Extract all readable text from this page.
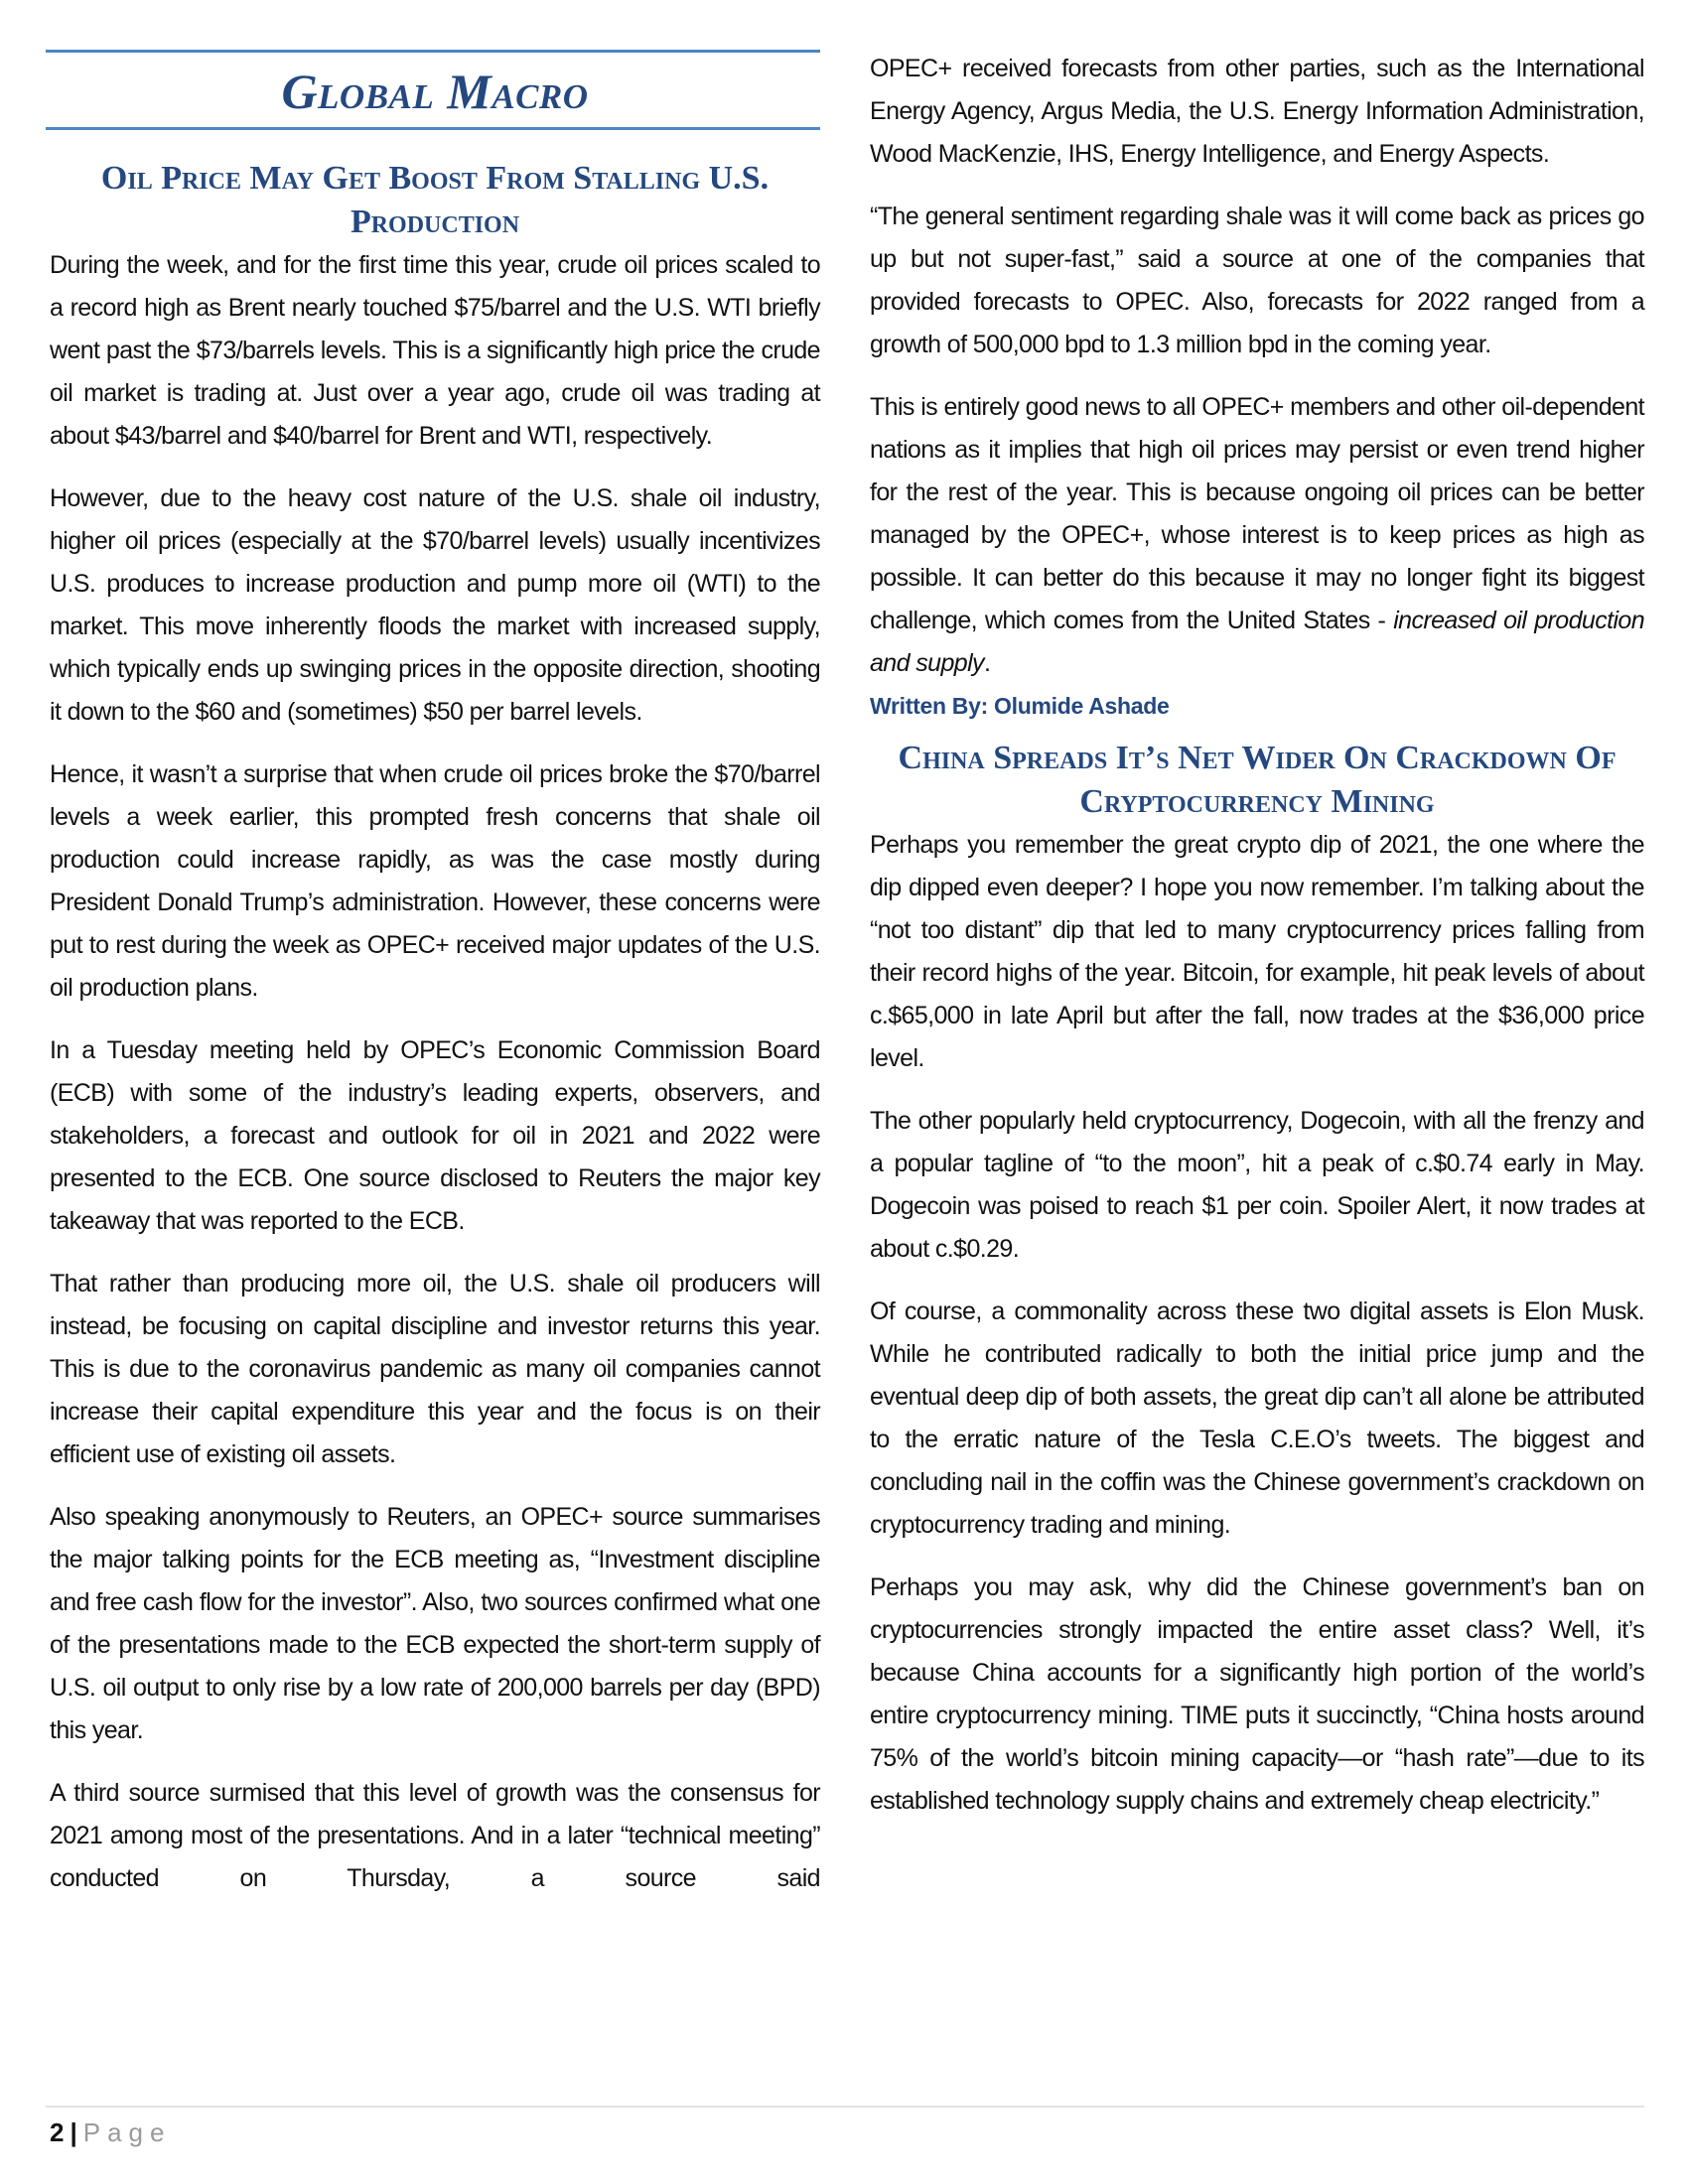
Global Macro
Oil Price May Get Boost From Stalling U.S.
Production

During the week, and for the first time this year, crude oil prices scaled to a record high as Brent nearly touched $75/barrel and the U.S. WTI briefly went past the $73/barrels levels. This is a significantly high price the crude oil market is trading at. Just over a year ago, crude oil was trading at about $43/barrel and $40/barrel for Brent and WTI, respectively.

However, due to the heavy cost nature of the U.S. shale oil industry, higher oil prices (especially at the $70/barrel levels) usually incentivizes U.S. produces to increase production and pump more oil (WTI) to the market. This move inherently floods the market with increased supply, which typically ends up swinging prices in the opposite direction, shooting it down to the $60 and (sometimes) $50 per barrel levels.

Hence, it wasn’t a surprise that when crude oil prices broke the $70/barrel levels a week earlier, this prompted fresh concerns that shale oil production could increase rapidly, as was the case mostly during President Donald Trump’s administration. However, these concerns were put to rest during the week as OPEC+ received major updates of the U.S. oil production plans.

In a Tuesday meeting held by OPEC’s Economic Commission Board (ECB) with some of the industry’s leading experts, observers, and stakeholders, a forecast and outlook for oil in 2021 and 2022 were presented to the ECB. One source disclosed to Reuters the major key takeaway that was reported to the ECB.

That rather than producing more oil, the U.S. shale oil producers will instead, be focusing on capital discipline and investor returns this year. This is due to the coronavirus pandemic as many oil companies cannot increase their capital expenditure this year and the focus is on their efficient use of existing oil assets.

Also speaking anonymously to Reuters, an OPEC+ source summarises the major talking points for the ECB meeting as, “Investment discipline and free cash flow for the investor”. Also, two sources confirmed what one of the presentations made to the ECB expected the short-term supply of U.S. oil output to only rise by a low rate of 200,000 barrels per day (BPD) this year.

A third source surmised that this level of growth was the consensus for 2021 among most of the presentations. And in a later “technical meeting” conducted on Thursday, a source said

OPEC+ received forecasts from other parties, such as the International Energy Agency, Argus Media, the U.S. Energy Information Administration, Wood MacKenzie, IHS, Energy Intelligence, and Energy Aspects.

“The general sentiment regarding shale was it will come back as prices go up but not super-fast,” said a source at one of the companies that provided forecasts to OPEC. Also, forecasts for 2022 ranged from a growth of 500,000 bpd to 1.3 million bpd in the coming year.

This is entirely good news to all OPEC+ members and other oil-dependent nations as it implies that high oil prices may persist or even trend higher for the rest of the year. This is because ongoing oil prices can be better managed by the OPEC+, whose interest is to keep prices as high as possible. It can better do this because it may no longer fight its biggest challenge, which comes from the United States - increased oil production and supply.

Written By: Olumide Ashade
China Spreads It’s Net Wider On Crackdown Of
Cryptocurrency Mining

Perhaps you remember the great crypto dip of 2021, the one where the dip dipped even deeper? I hope you now remember. I’m talking about the “not too distant” dip that led to many cryptocurrency prices falling from their record highs of the year. Bitcoin, for example, hit peak levels of about c.$65,000 in late April but after the fall, now trades at the $36,000 price level.

The other popularly held cryptocurrency, Dogecoin, with all the frenzy and a popular tagline of “to the moon”, hit a peak of c.$0.74 early in May. Dogecoin was poised to reach $1 per coin. Spoiler Alert, it now trades at about c.$0.29.

Of course, a commonality across these two digital assets is Elon Musk. While he contributed radically to both the initial price jump and the eventual deep dip of both assets, the great dip can’t all alone be attributed to the erratic nature of the Tesla C.E.O’s tweets. The biggest and concluding nail in the coffin was the Chinese government’s crackdown on cryptocurrency trading and mining.

Perhaps you may ask, why did the Chinese government’s ban on cryptocurrencies strongly impacted the entire asset class? Well, it’s because China accounts for a significantly high portion of the world’s entire cryptocurrency mining. TIME puts it succinctly, “China hosts around 75% of the world’s bitcoin mining capacity—or “hash rate”—due to its established technology supply chains and extremely cheap electricity.”

2 | Page
